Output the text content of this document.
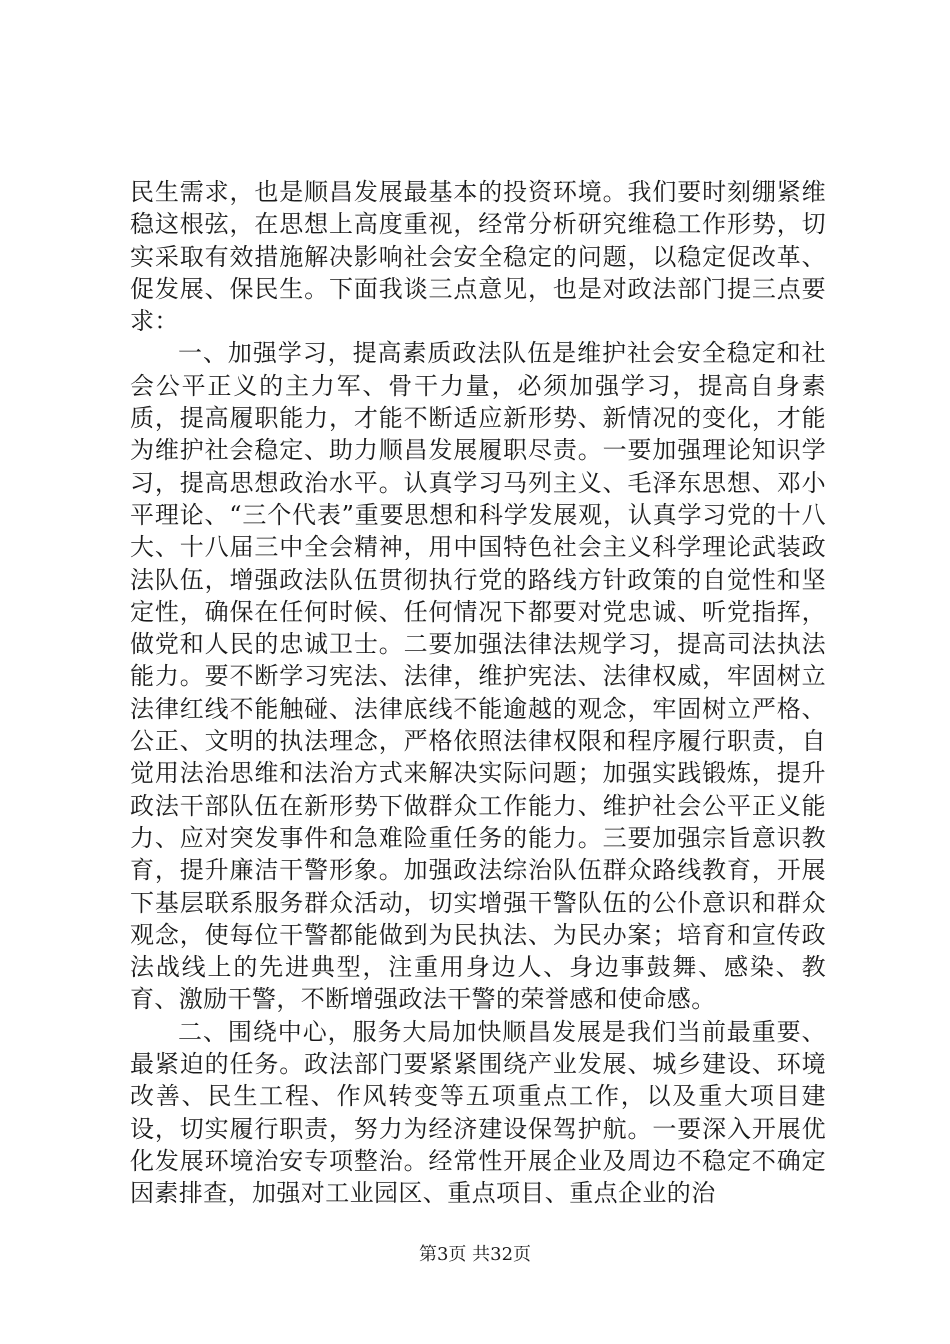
民生需求，也是顺昌发展最基本的投资环境。我们要时刻绷紧维稳这根弦，在思想上高度重视，经常分析研究维稳工作形势，切实采取有效措施解决影响社会安全稳定的问题，以稳定促改革、促发展、保民生。下面我谈三点意见，也是对政法部门提三点要求：

一、加强学习，提高素质政法队伍是维护社会安全稳定和社会公平正义的主力军、骨干力量，必须加强学习，提高自身素质，提高履职能力，才能不断适应新形势、新情况的变化，才能为维护社会稳定、助力顺昌发展履职尽责。一要加强理论知识学习，提高思想政治水平。认真学习马列主义、毛泽东思想、邓小平理论、“三个代表”重要思想和科学发展观，认真学习党的十八大、十八届三中全会精神，用中国特色社会主义科学理论武装政法队伍，增强政法队伍贯彻执行党的路线方针政策的自觉性和坚定性，确保在任何时候、任何情况下都要对党忠诚、听党指挥，做党和人民的忠诚卫士。二要加强法律法规学习，提高司法执法能力。要不断学习宪法、法律，维护宪法、法律权威，牢固树立法律红线不能触碰、法律底线不能逾越的观念，牢固树立严格、公正、文明的执法理念，严格依照法律权限和程序履行职责，自觉用法治思维和法治方式来解决实际问题；加强实践锻炼，提升政法干部队伍在新形势下做群众工作能力、维护社会公平正义能力、应对突发事件和急难险重任务的能力。三要加强宗旨意识教育，提升廉洁干警形象。加强政法综治队伍群众路线教育，开展下基层联系服务群众活动，切实增强干警队伍的公仆意识和群众观念，使每位干警都能做到为民执法、为民办案；培育和宣传政法战线上的先进典型，注重用身边人、身边事鼓舞、感染、教育、激励干警，不断增强政法干警的荣誉感和使命感。

二、围绕中心，服务大局加快顺昌发展是我们当前最重要、最紧迫的任务。政法部门要紧紧围绕产业发展、城乡建设、环境改善、民生工程、作风转变等五项重点工作，以及重大项目建设，切实履行职责，努力为经济建设保驾护航。一要深入开展优化发展环境治安专项整治。经常性开展企业及周边不稳定不确定因素排查，加强对工业园区、重点项目、重点企业的治

第3页 共32页
